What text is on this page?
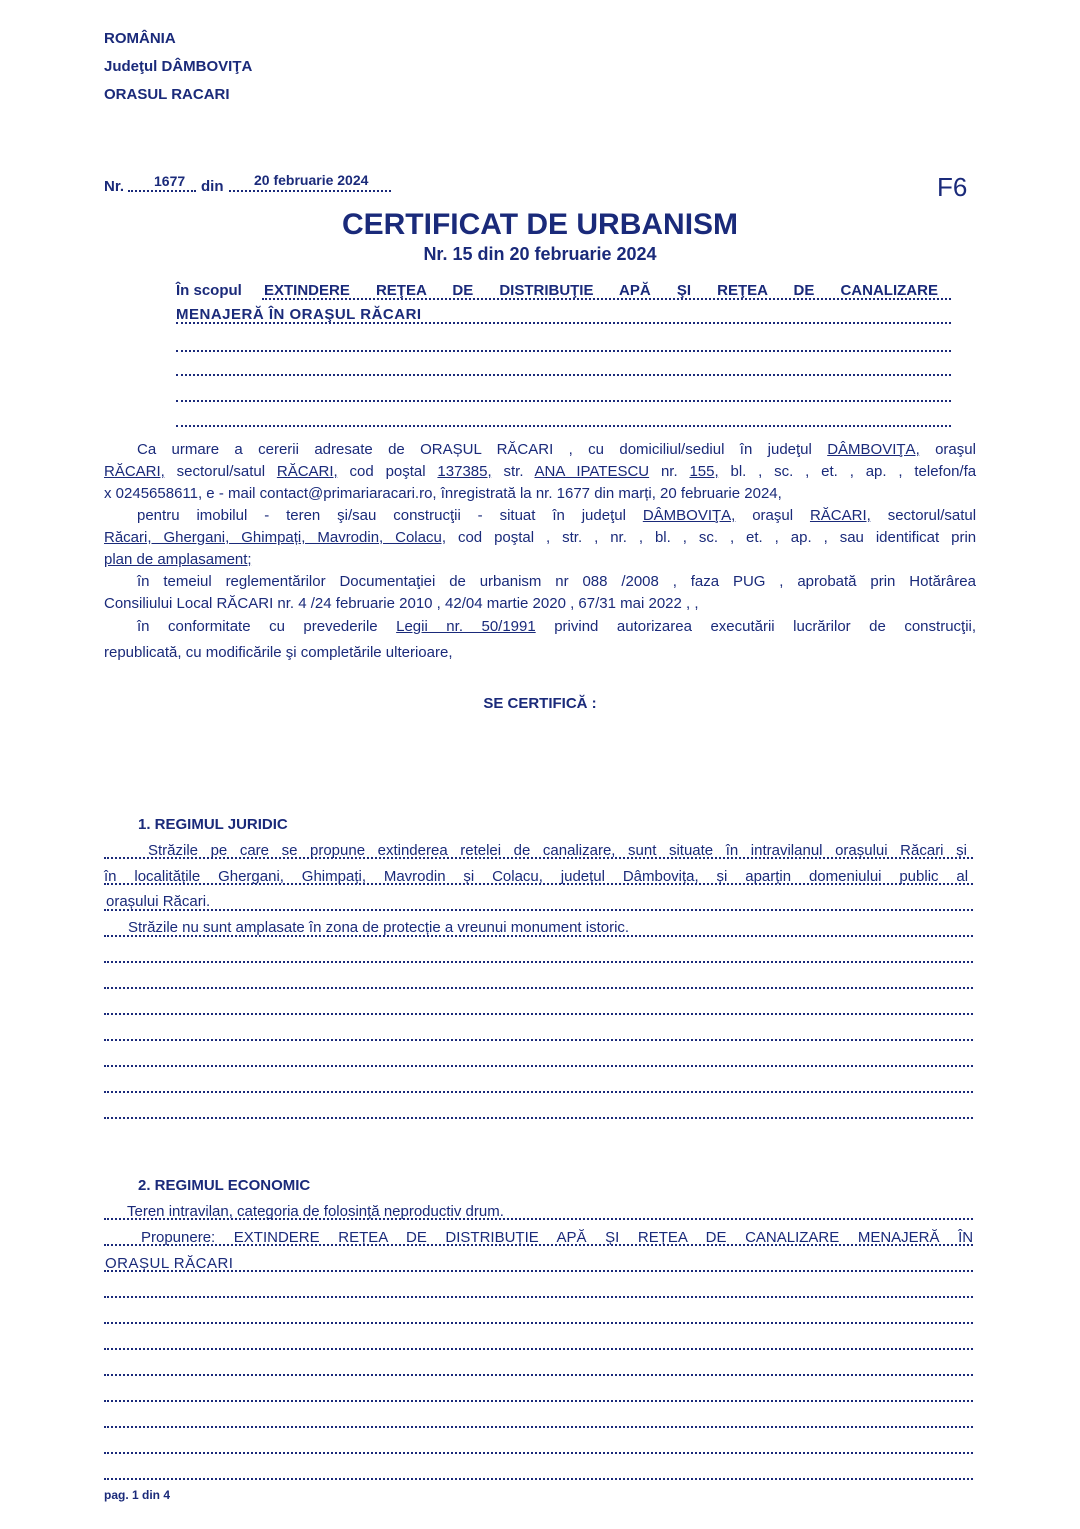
ROMÂNIA
Judeţul DÂMBOVIŢA
ORASUL RACARI
Nr. 1677 din 20 februarie 2024	F6
CERTIFICAT DE URBANISM
Nr. 15 din 20 februarie 2024
În scopul EXTINDERE REŢEA DE DISTRIBUŢIE APĂ ŞI REŢEA DE CANALIZARE
MENAJERĂ ÎN ORAŞUL RĂCARI
Ca urmare a cererii adresate de ORAȘUL RĂCARI , cu domiciliul/sediul în judeţul DÂMBOVIŢA, oraşul
RĂCARI, sectorul/satul RĂCARI, cod poştal 137385, str. ANA IPATESCU nr. 155, bl. , sc. , et. , ap. , telefon/fa
x 0245658611, e - mail contact@primariaracari.ro, înregistrată la nr. 1677 din marți, 20 februarie 2024,
pentru imobilul - teren şi/sau construcţii - situat în judeţul DÂMBOVIŢA, oraşul RĂCARI, sectorul/satul
Răcari, Ghergani, Ghimpați, Mavrodin, Colacu, cod poştal , str. , nr. , bl. , sc. , et. , ap. , sau identificat prin
plan de amplasament;
în temeiul reglementărilor Documentaţiei de urbanism nr 088 /2008 , faza PUG , aprobată prin Hotărârea
Consiliului Local RĂCARI nr. 4 /24 februarie 2010 , 42/04 martie 2020 , 67/31 mai 2022 , ,
în conformitate cu prevederile Legii nr. 50/1991 privind autorizarea executării lucrărilor de construcţii,
republicată, cu modificările şi completările ulterioare,
SE CERTIFICĂ :
1. REGIMUL JURIDIC
Străzile pe care se propune extinderea retelei de canalizare, sunt situate în intravilanul orașului Răcari și
în localitățile Ghergani, Ghimpați, Mavrodin și Colacu, județul Dâmbovița, și aparțin domeniului public al
orașului Răcari.
Străzile nu sunt amplasate în zona de protecție a vreunui monument istoric.
2. REGIMUL ECONOMIC
Teren intravilan, categoria de folosință neproductiv drum.
Propunere: EXTINDERE REȚEA DE DISTRIBUȚIE APĂ ȘI REȚEA DE CANALIZARE MENAJERĂ ÎN
ORAȘUL RĂCARI
pag. 1 din 4
